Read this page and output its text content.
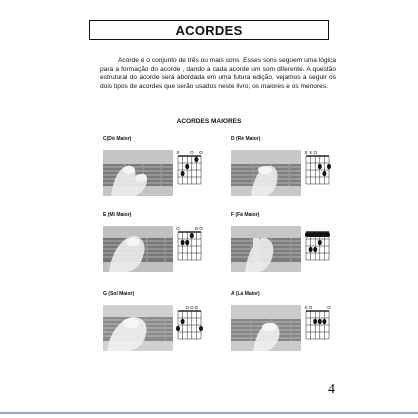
ACORDES
Acorde é o conjunto de três ou mais sons .Esses sons seguem uma lógica para a formação do acorde , dando a cada acorde um som diferente. A questão estrutural do acorde será abordada em uma futura edição, vejamos a seguir os dois tipos de acordes que serão usados neste livro; os maiores e os menores.
ACORDES MAIORES
C(Dó Maior)
X O O
D (Ré Maior)
X X O
E (Mi Maior)
O	O O
F (Fá Maior)
G (Sol Maior)
O O O
A (Lá Maior)
X O	O
4
